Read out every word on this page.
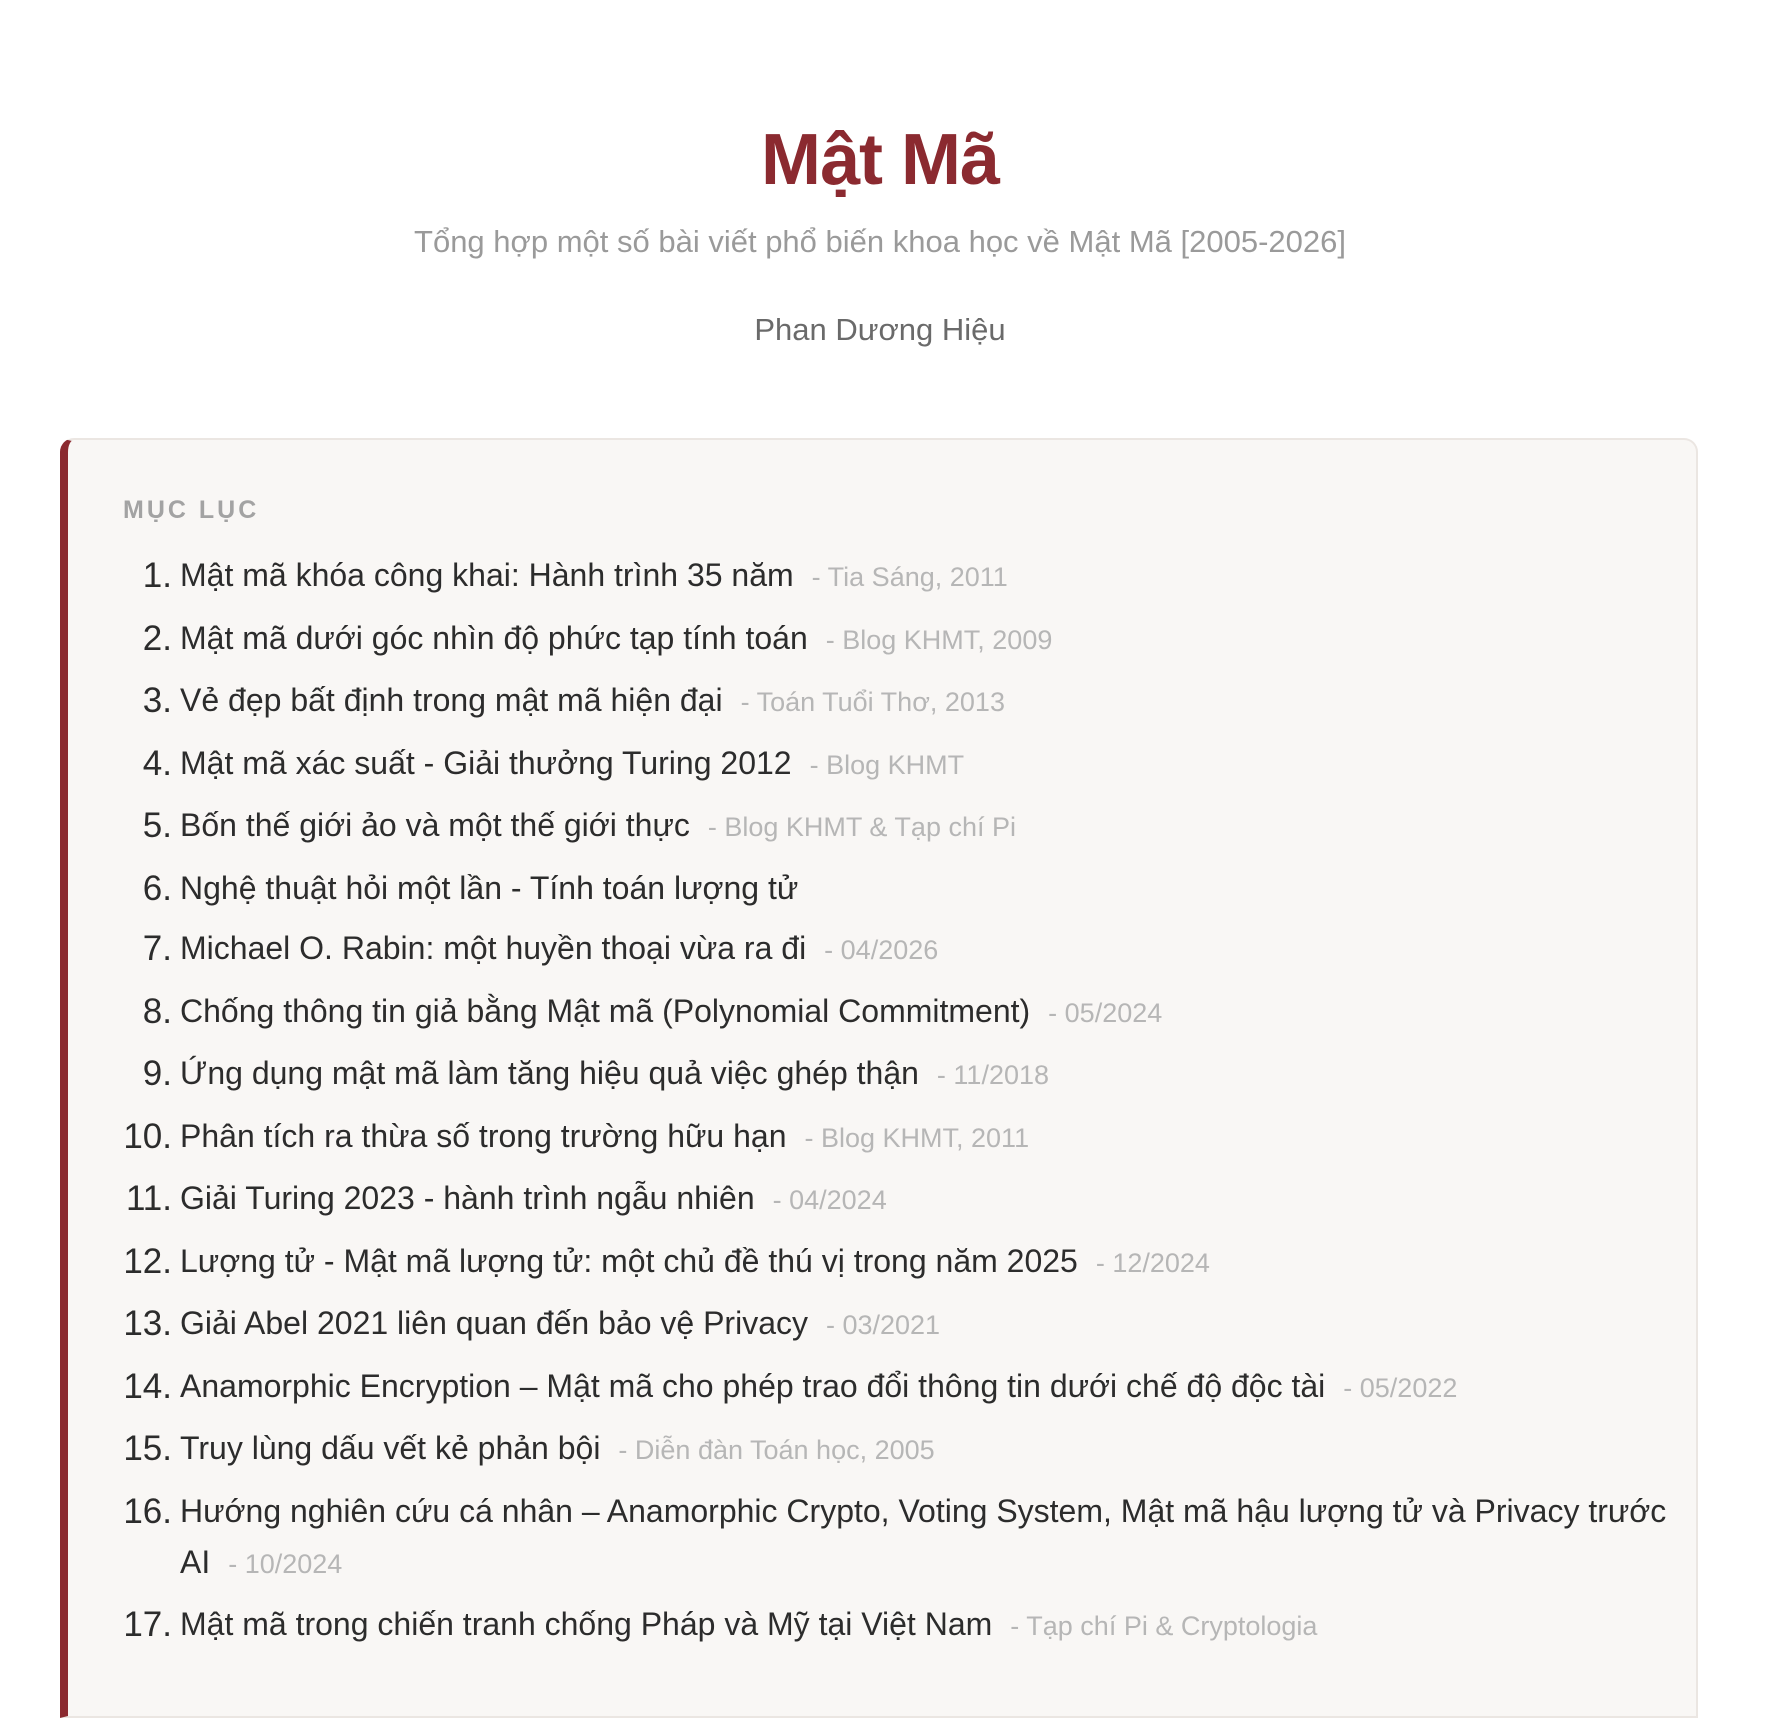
Mật Mã

Tổng hợp một số bài viết phổ biến khoa học về Mật Mã [2005-2026]

Phan Dương Hiệu

MỤC LỤC
1. Mật mã khóa công khai: Hành trình 35 năm - Tia Sáng, 2011
2. Mật mã dưới góc nhìn độ phức tạp tính toán - Blog KHMT, 2009
3. Vẻ đẹp bất định trong mật mã hiện đại - Toán Tuổi Thơ, 2013
4. Mật mã xác suất - Giải thưởng Turing 2012 - Blog KHMT
5. Bốn thế giới ảo và một thế giới thực - Blog KHMT & Tạp chí Pi
6. Nghệ thuật hỏi một lần - Tính toán lượng tử
7. Michael O. Rabin: một huyền thoại vừa ra đi - 04/2026
8. Chống thông tin giả bằng Mật mã (Polynomial Commitment) - 05/2024
9. Ứng dụng mật mã làm tăng hiệu quả việc ghép thận - 11/2018
10. Phân tích ra thừa số trong trường hữu hạn - Blog KHMT, 2011
11. Giải Turing 2023 - hành trình ngẫu nhiên - 04/2024
12. Lượng tử - Mật mã lượng tử: một chủ đề thú vị trong năm 2025 - 12/2024
13. Giải Abel 2021 liên quan đến bảo vệ Privacy - 03/2021
14. Anamorphic Encryption – Mật mã cho phép trao đổi thông tin dưới chế độ độc tài - 05/2022
15. Truy lùng dấu vết kẻ phản bội - Diễn đàn Toán học, 2005
16. Hướng nghiên cứu cá nhân – Anamorphic Crypto, Voting System, Mật mã hậu lượng tử và Privacy trước AI - 10/2024
17. Mật mã trong chiến tranh chống Pháp và Mỹ tại Việt Nam - Tạp chí Pi & Cryptologia
